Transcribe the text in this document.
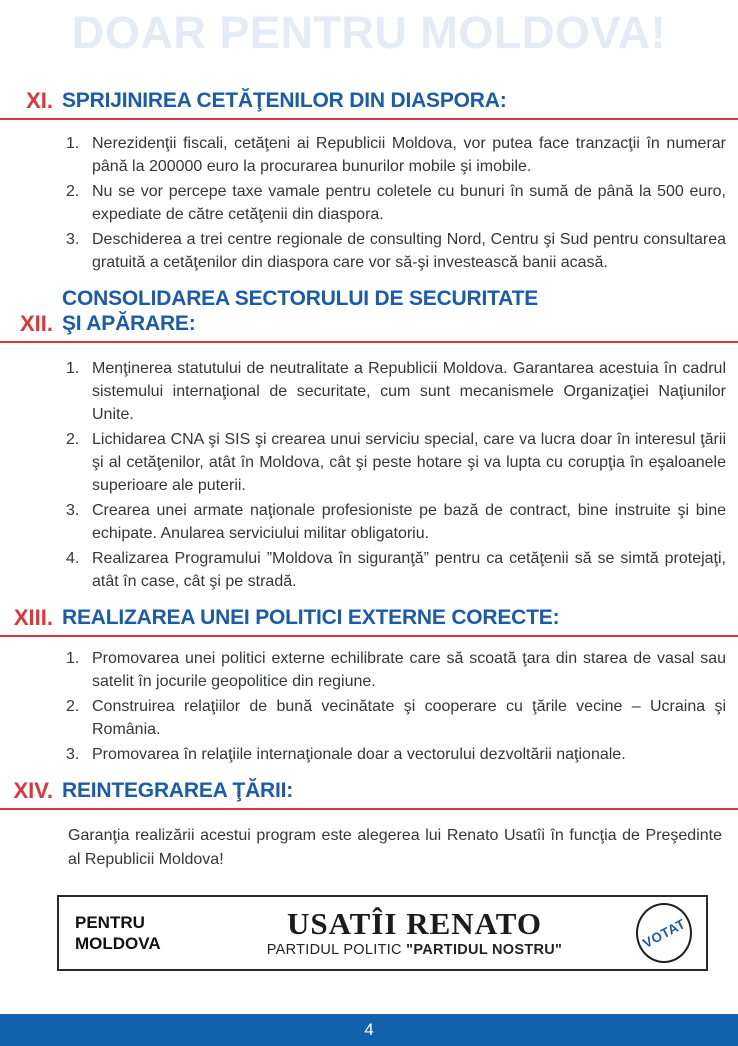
DOAR PENTRU MOLDOVA!
XI. SPRIJINIREA CETĂŢENILOR DIN DIASPORA:
1. Nerezidenţii fiscali, cetăţeni ai Republicii Moldova, vor putea face tranzacţii în numerar până la 200000 euro la procurarea bunurilor mobile şi imobile.
2. Nu se vor percepe taxe vamale pentru coletele cu bunuri în sumă de până la 500 euro, expediate de către cetăţenii din diaspora.
3. Deschiderea a trei centre regionale de consulting Nord, Centru şi Sud pentru consultarea gratuită a cetăţenilor din diaspora care vor să-şi investească banii acasă.
XII.
CONSOLIDAREA SECTORULUI DE SECURITATE
ŞI APĂRARE:
1. Menţinerea statutului de neutralitate a Republicii Moldova. Garantarea acestuia în cadrul sistemului internaţional de securitate, cum sunt mecanismele Organizaţiei Naţiunilor Unite.
2. Lichidarea CNA şi SIS şi crearea unui serviciu special, care va lucra doar în interesul ţării şi al cetăţenilor, atât în Moldova, cât şi peste hotare şi va lupta cu corupţia în eşaloanele superioare ale puterii.
3. Crearea unei armate naţionale profesioniste pe bază de contract, bine instruite şi bine echipate. Anularea serviciului militar obligatoriu.
4. Realizarea Programului ”Moldova în siguranţă” pentru ca cetăţenii să se simtă protejaţi, atât în case, cât şi pe stradă.
XIII. REALIZAREA UNEI POLITICI EXTERNE CORECTE:
1. Promovarea unei politici externe echilibrate care să scoată ţara din starea de vasal sau satelit în jocurile geopolitice din regiune.
2. Construirea relaţiilor de bună vecinătate şi cooperare cu ţările vecine – Ucraina şi România.
3. Promovarea în relaţiile internaţionale doar a vectorului dezvoltării naţionale.
XIV. REINTEGRAREA ŢĂRII:

Garanţia realizării acestui program este alegerea lui Renato Usatîi în funcţia de Preşedinte al Republicii Moldova!

PENTRU
MOLDOVA
USATÎI RENATO
PARTIDUL POLITIC "PARTIDUL NOSTRU"	VOTAT
4
